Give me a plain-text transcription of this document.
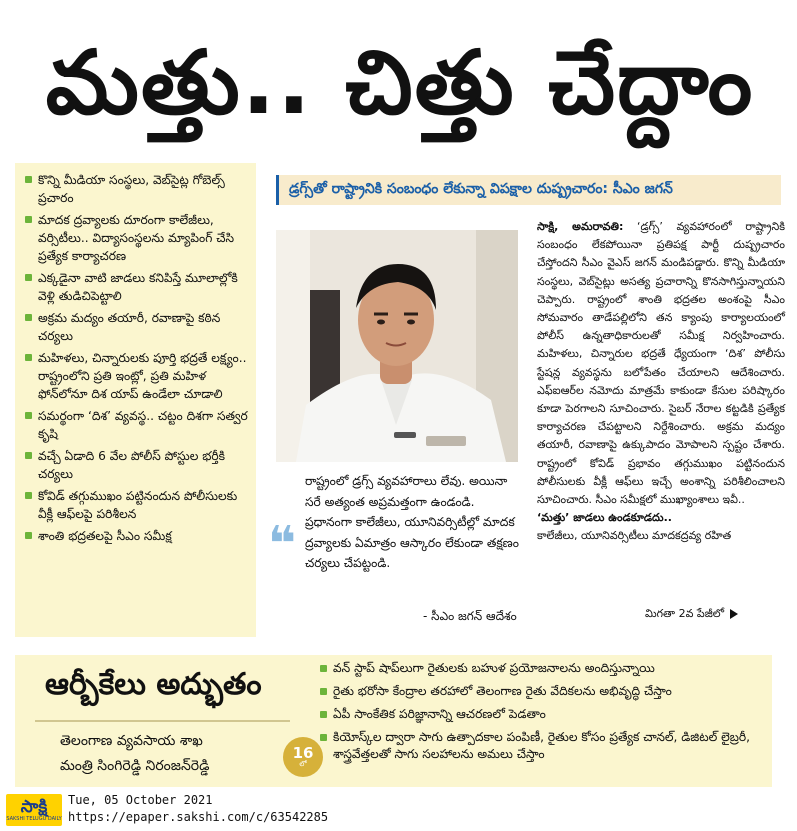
మత్తు.. చిత్తు చేద్దాం
కొన్ని మీడియా సంస్థలు, వెబ్‌సైట్ల గోబెల్స్ ప్రచారం
మాదక ద్రవ్యాలకు దూరంగా కాలేజీలు, వర్సిటీలు.. విద్యాసంస్థలను మ్యాపింగ్ చేసి ప్రత్యేక కార్యాచరణ
ఎక్కడైనా వాటి జాడలు కనిపిస్తే మూలాల్లోకి వెళ్లి తుడిచిపెట్టాలి
అక్రమ మద్యం తయారీ, రవాణాపై కఠిన చర్యలు
మహిళలు, చిన్నారులకు పూర్తి భద్రతే లక్ష్యం.. రాష్ట్రంలోని ప్రతి ఇంట్లో, ప్రతి మహిళ ఫోన్‌లోనూ దిశ యాప్ ఉండేలా చూడాలి
సమర్థంగా ‘దిశ’ వ్యవస్థ.. చట్టం దిశగా సత్వర కృషి
వచ్చే ఏడాది 6 వేల పోలీస్ పోస్టుల భర్తీకి చర్యలు
కోవిడ్ తగ్గుముఖం పట్టినందున పోలీసులకు వీక్లీ ఆఫ్‌లపై పరిశీలన
శాంతి భద్రతలపై సీఎం సమీక్ష
డ్రగ్స్‌తో రాష్ట్రానికి సంబంధం లేకున్నా విపక్షాల దుష్ప్రచారం: సీఎం జగన్
❝
రాష్ట్రంలో డ్రగ్స్ వ్యవహారాలు లేవు. అయినా సరే అత్యంత అప్రమత్తంగా ఉండండి. ప్రధానంగా కాలేజీలు, యూనివర్సిటీల్లో మాదక ద్రవ్యాలకు ఏమాత్రం ఆస్కారం లేకుండా తక్షణం చర్యలు చేపట్టండి.
- సీఎం జగన్ ఆదేశం

సాక్షి, అమరావతి: ‘డ్రగ్స్’ వ్యవహారంలో రాష్ట్రానికి సంబంధం లేకపోయినా ప్రతిపక్ష పార్టీ దుష్ప్రచారం చేస్తోందని సీఎం వైఎస్ జగన్ మండిపడ్డారు. కొన్ని మీడియా సంస్థలు, వెబ్‌సైట్లు అసత్య ప్రచారాన్ని కొనసాగిస్తున్నాయని చెప్పారు. రాష్ట్రంలో శాంతి భద్రతల అంశంపై సీఎం సోమవారం తాడేపల్లిలోని తన క్యాంపు కార్యాలయంలో పోలీస్ ఉన్నతాధికారులతో సమీక్ష నిర్వహించారు. మహిళలు, చిన్నారుల భద్రతే ధ్యేయంగా ‘దిశ’ పోలీసు స్టేషన్ల వ్యవస్థను బలోపేతం చేయాలని ఆదేశించారు. ఎఫ్‌ఐఆర్‌ల నమోదు మాత్రమే కాకుండా కేసుల పరిష్కారం కూడా పెరగాలని సూచించారు. సైబర్ నేరాల కట్టడికి ప్రత్యేక కార్యాచరణ చేపట్టాలని నిర్దేశించారు. అక్రమ మద్యం తయారీ, రవాణాపై ఉక్కుపాదం మోపాలని స్పష్టం చేశారు. రాష్ట్రంలో కోవిడ్ ప్రభావం తగ్గుముఖం పట్టినందున పోలీసులకు వీక్లీ ఆఫ్‌లు ఇచ్చే అంశాన్ని పరిశీలించాలని సూచించారు. సీఎం సమీక్షలో ముఖ్యాంశాలు ఇవీ..

‘మత్తు’ జాడలు ఉండకూడదు..

కాలేజీలు, యూనివర్సిటీలు మాదకద్రవ్య రహిత

మిగతా 2వ పేజీలో
ఆర్బీకేలు అద్భుతం
తెలంగాణ వ్యవసాయ శాఖ
మంత్రి సింగిరెడ్డి నిరంజన్‌రెడ్డి
16
లో
వన్ స్టాప్ షాప్‌లుగా రైతులకు బహుళ ప్రయోజనాలను అందిస్తున్నాయి
రైతు భరోసా కేంద్రాల తరహాలో తెలంగాణ రైతు వేదికలను అభివృద్ధి చేస్తాం
ఏపీ సాంకేతిక పరిజ్ఞానాన్ని ఆచరణలో పెడతాం
కియోస్క్‌ల ద్వారా సాగు ఉత్పాదకాల పంపిణీ, రైతుల కోసం ప్రత్యేక చానల్, డిజిటల్ లైబ్రరీ, శాస్త్రవేత్తలతో సాగు సలహాలను అమలు చేస్తాం
సాక్షి
SAKSHI TELUGU DAILY
Tue, 05 October 2021
https://epaper.sakshi.com/c/63542285
